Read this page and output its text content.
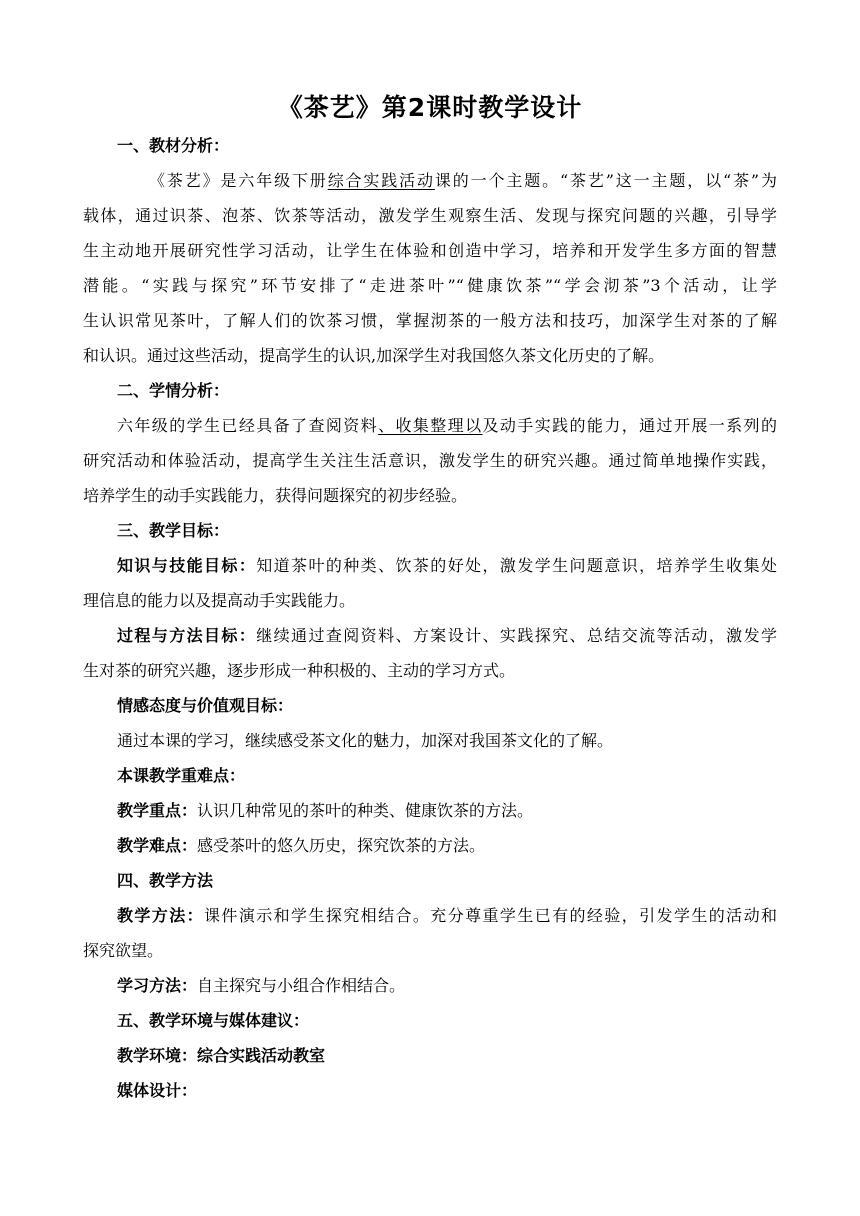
《茶艺》第2课时教学设计
一、教材分析：
《茶艺》是六年级下册综合实践活动课的一个主题。“茶艺”这一主题，以“茶”为
载体，通过识茶、泡茶、饮茶等活动，激发学生观察生活、发现与探究问题的兴趣，引导学
生主动地开展研究性学习活动，让学生在体验和创造中学习，培养和开发学生多方面的智慧
潜能。“实践与探究”环节安排了“走进茶叶”“健康饮茶”“学会沏茶”3个活动，让学
生认识常见茶叶，了解人们的饮茶习惯，掌握沏茶的一般方法和技巧，加深学生对茶的了解
和认识。通过这些活动，提高学生的认识,加深学生对我国悠久茶文化历史的了解。
二、学情分析：
六年级的学生已经具备了查阅资料、收集整理以及动手实践的能力，通过开展一系列的
研究活动和体验活动，提高学生关注生活意识，激发学生的研究兴趣。通过简单地操作实践，
培养学生的动手实践能力，获得问题探究的初步经验。
三、教学目标：
知识与技能目标：知道茶叶的种类、饮茶的好处，激发学生问题意识，培养学生收集处
理信息的能力以及提高动手实践能力。
过程与方法目标：继续通过查阅资料、方案设计、实践探究、总结交流等活动，激发学
生对茶的研究兴趣，逐步形成一种积极的、主动的学习方式。
情感态度与价值观目标：
通过本课的学习，继续感受茶文化的魅力，加深对我国茶文化的了解。
本课教学重难点：
教学重点：认识几种常见的茶叶的种类、健康饮茶的方法。
教学难点：感受茶叶的悠久历史，探究饮茶的方法。
四、教学方法
教学方法：课件演示和学生探究相结合。充分尊重学生已有的经验，引发学生的活动和
探究欲望。
学习方法：自主探究与小组合作相结合。
五、教学环境与媒体建议：
教学环境：综合实践活动教室
媒体设计：
